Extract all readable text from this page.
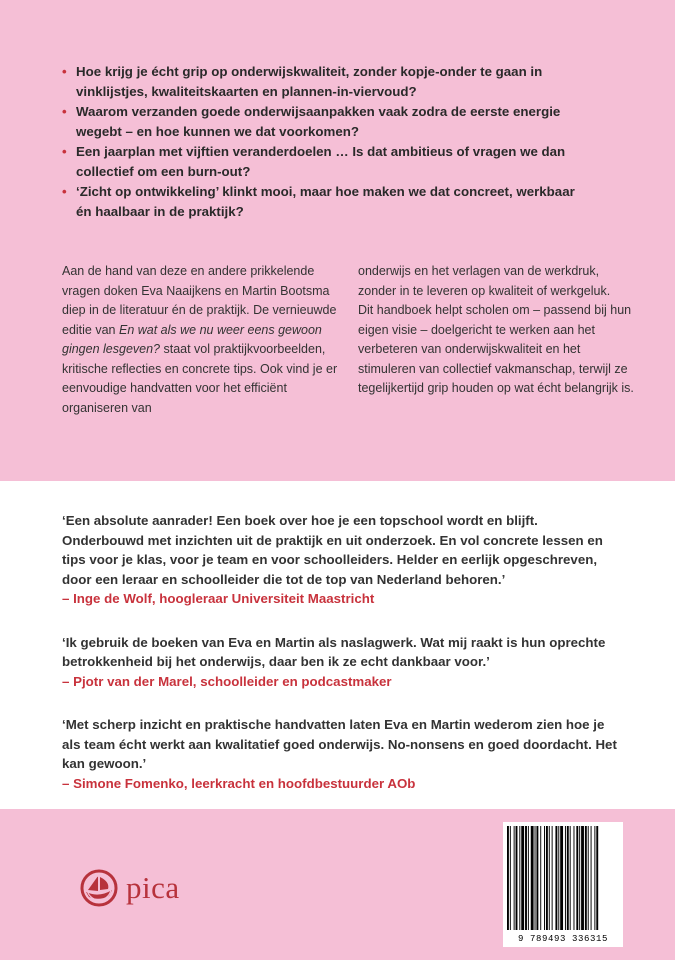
• Hoe krijg je écht grip op onderwijskwaliteit, zonder kopje-onder te gaan in vinklijstjes, kwaliteitskaarten en plannen-in-viervoud?
• Waarom verzanden goede onderwijsaanpakken vaak zodra de eerste energie wegebt – en hoe kunnen we dat voorkomen?
• Een jaarplan met vijftien veranderdoelen … Is dat ambitieus of vragen we dan collectief om een burn-out?
• ‘Zicht op ontwikkeling’ klinkt mooi, maar hoe maken we dat concreet, werkbaar én haalbaar in de praktijk?

Aan de hand van deze en andere prikkelende vragen doken Eva Naaijkens en Martin Bootsma diep in de literatuur én de praktijk. De vernieuwde editie van En wat als we nu weer eens gewoon gingen lesgeven? staat vol praktijkvoorbeelden, kritische reflecties en concrete tips. Ook vind je er eenvoudige handvatten voor het efficiënt organiseren van

onderwijs en het verlagen van de werkdruk, zonder in te leveren op kwaliteit of werkgeluk.

Dit handboek helpt scholen om – passend bij hun eigen visie – doelgericht te werken aan het verbeteren van onderwijskwaliteit en het stimuleren van collectief vakmanschap, terwijl ze tegelijkertijd grip houden op wat écht belangrijk is.

‘Een absolute aanrader! Een boek over hoe je een topschool wordt en blijft. Onderbouwd met inzichten uit de praktijk en uit onderzoek. En vol concrete lessen en tips voor je klas, voor je team en voor schoolleiders. Helder en eerlijk opgeschreven, door een leraar en schoolleider die tot de top van Nederland behoren.’
– Inge de Wolf, hoogleraar Universiteit Maastricht
‘Ik gebruik de boeken van Eva en Martin als naslagwerk. Wat mij raakt is hun oprechte betrokkenheid bij het onderwijs, daar ben ik ze echt dankbaar voor.’
– Pjotr van der Marel, schoolleider en podcastmaker
‘Met scherp inzicht en praktische handvatten laten Eva en Martin wederom zien hoe je als team écht werkt aan kwalitatief goed onderwijs. No-nonsens en goed doordacht. Het kan gewoon.’
– Simone Fomenko, leerkracht en hoofdbestuurder AOb
pica
9 789493 336315
